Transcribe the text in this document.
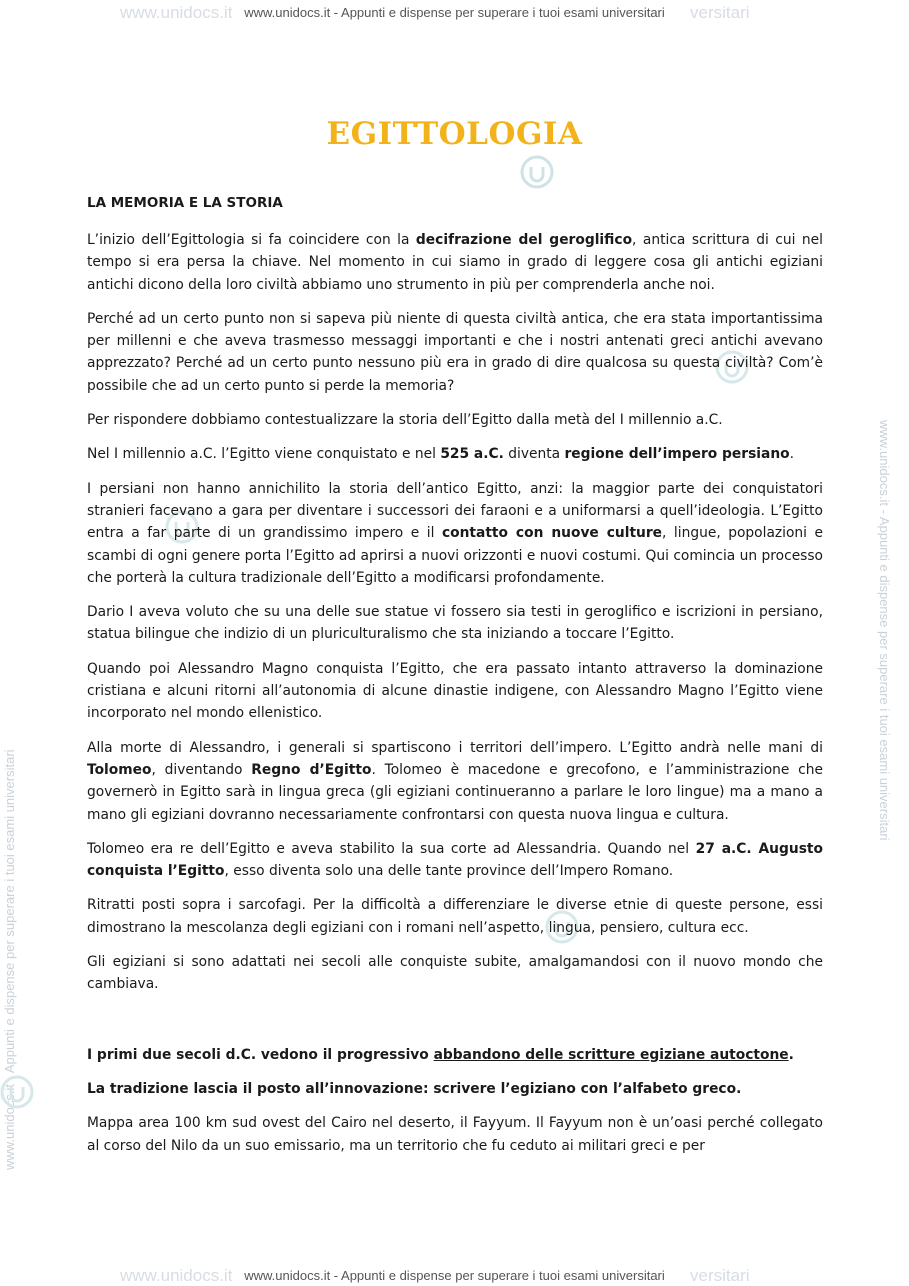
www.unidocs.it	versitari
www.unidocs.it	versitari
www.unidocs.it - Appunti e dispense per superare i tuoi esami universitari
www.unidocs.it - Appunti e dispense per superare i tuoi esami universitari
www.unidocs.it - Appunti e dispense per superare i tuoi esami universitari
www.unidocs.it - Appunti e dispense per superare i tuoi esami universitari
EGITTOLOGIA
LA MEMORIA E LA STORIA

L’inizio dell’Egittologia si fa coincidere con la decifrazione del geroglifico, antica scrittura di cui nel tempo si era persa la chiave. Nel momento in cui siamo in grado di leggere cosa gli antichi egiziani antichi dicono della loro civiltà abbiamo uno strumento in più per comprenderla anche noi.

Perché ad un certo punto non si sapeva più niente di questa civiltà antica, che era stata importantissima per millenni e che aveva trasmesso messaggi importanti e che i nostri antenati greci antichi avevano apprezzato? Perché ad un certo punto nessuno più era in grado di dire qualcosa su questa civiltà? Com’è possibile che ad un certo punto si perde la memoria?

Per rispondere dobbiamo contestualizzare la storia dell’Egitto dalla metà del I millennio a.C.

Nel I millennio a.C. l’Egitto viene conquistato e nel 525 a.C. diventa regione dell’impero persiano.

I persiani non hanno annichilito la storia dell’antico Egitto, anzi: la maggior parte dei conquistatori stranieri facevano a gara per diventare i successori dei faraoni e a uniformarsi a quell’ideologia. L’Egitto entra a far parte di un grandissimo impero e il contatto con nuove culture, lingue, popolazioni e scambi di ogni genere porta l’Egitto ad aprirsi a nuovi orizzonti e nuovi costumi. Qui comincia un processo che porterà la cultura tradizionale dell’Egitto a modificarsi profondamente.

Dario I aveva voluto che su una delle sue statue vi fossero sia testi in geroglifico e iscrizioni in persiano, statua bilingue che indizio di un pluriculturalismo che sta iniziando a toccare l’Egitto.

Quando poi Alessandro Magno conquista l’Egitto, che era passato intanto attraverso la dominazione cristiana e alcuni ritorni all’autonomia di alcune dinastie indigene, con Alessandro Magno l’Egitto viene incorporato nel mondo ellenistico.

Alla morte di Alessandro, i generali si spartiscono i territori dell’impero. L’Egitto andrà nelle mani di Tolomeo, diventando Regno d’Egitto. Tolomeo è macedone e grecofono, e l’amministrazione che governerò in Egitto sarà in lingua greca (gli egiziani continueranno a parlare le loro lingue) ma a mano a mano gli egiziani dovranno necessariamente confrontarsi con questa nuova lingua e cultura.

Tolomeo era re dell’Egitto e aveva stabilito la sua corte ad Alessandria. Quando nel 27 a.C. Augusto conquista l’Egitto, esso diventa solo una delle tante province dell’Impero Romano.

Ritratti posti sopra i sarcofagi. Per la difficoltà a differenziare le diverse etnie di queste persone, essi dimostrano la mescolanza degli egiziani con i romani nell’aspetto, lingua, pensiero, cultura ecc.

Gli egiziani si sono adattati nei secoli alle conquiste subite, amalgamandosi con il nuovo mondo che cambiava.

I primi due secoli d.C. vedono il progressivo abbandono delle scritture egiziane autoctone.

La tradizione lascia il posto all’innovazione: scrivere l’egiziano con l’alfabeto greco.

Mappa area 100 km sud ovest del Cairo nel deserto, il Fayyum. Il Fayyum non è un’oasi perché collegato al corso del Nilo da un suo emissario, ma un territorio che fu ceduto ai militari greci e per
